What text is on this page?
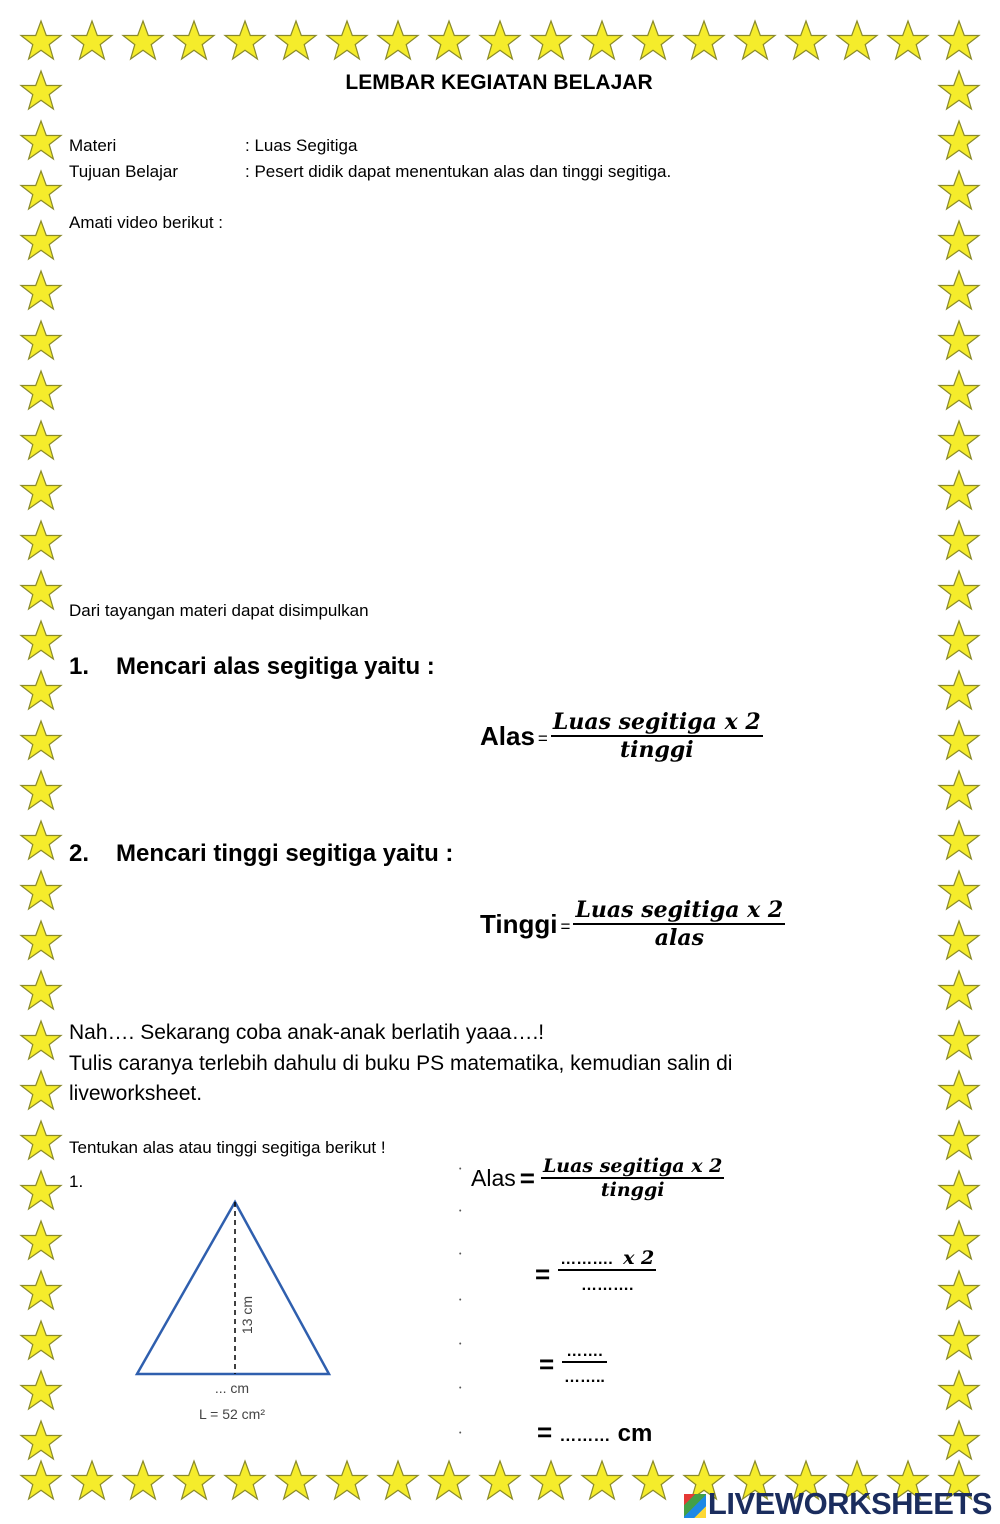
LEMBAR KEGIATAN BELAJAR
Materi	: Luas Segitiga
Tujuan Belajar	: Pesert didik dapat menentukan alas dan tinggi segitiga.
Amati video berikut :
Dari tayangan materi dapat disimpulkan
1. Mencari alas segitiga yaitu :
Alas = $\frac{\text{Luas segitiga x 2}}{\text{tinggi}}$
2. Mencari tinggi segitiga yaitu :
Tinggi = $\frac{\text{Luas segitiga x 2}}{\text{alas}}$
Nah…. Sekarang coba anak-anak berlatih yaaa….!
Tulis caranya terlebih dahulu di buku PS matematika, kemudian salin di
liveworksheet.
Tentukan alas atau tinggi segitiga berikut !
1.
13 cm
... cm
L = 52 cm²
•
•
•
•
•
•
•
Alas = $\frac{\text{Luas segitiga x 2}}{\text{tinggi}}$
= ………. x 2
……….
= …….
……..
= ……… cm
LIVEWORKSHEETS
